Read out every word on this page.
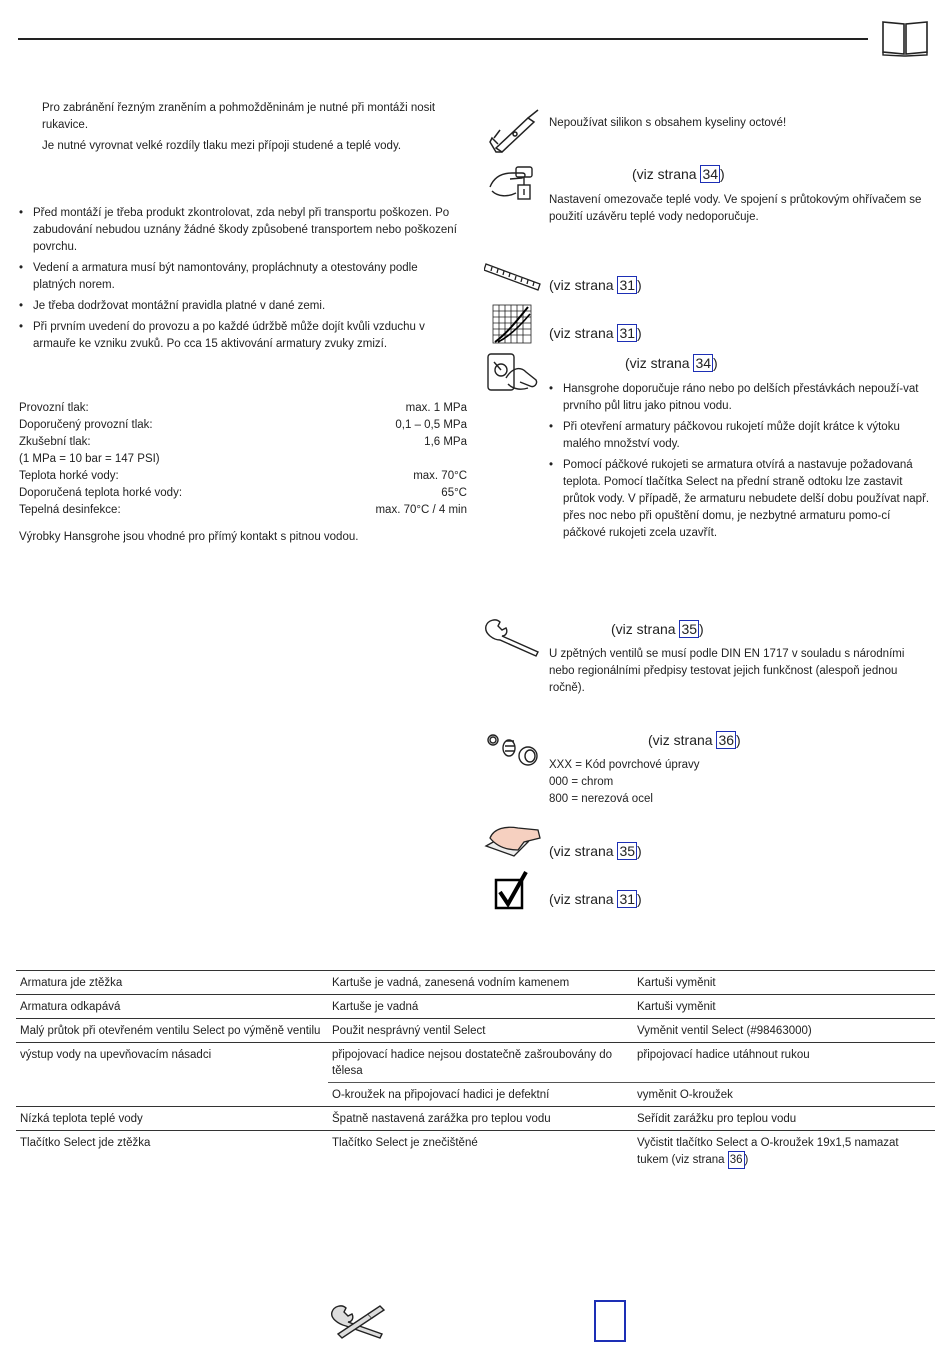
Pro zabránění řezným zraněním a pohmožděninám je nutné při montáži nosit rukavice.
Je nutné vyrovnat velké rozdíly tlaku mezi přípoji studené a teplé vody.
• Před montáží je třeba produkt zkontrolovat, zda nebyl při transportu poškozen. Po zabudování nebudou uznány žádné škody způsobené transportem nebo poškození povrchu.
• Vedení a armatura musí být namontovány, propláchnuty a otestovány podle platných norem.
• Je třeba dodržovat montážní pravidla platné v dané zemi.
• Při prvním uvedení do provozu a po každé údržbě může dojít kvůli vzduchu v armauře ke vzniku zvuků. Po cca 15 aktivování armatury zvuky zmizí.
Provozní tlak:	max. 1 MPa
Doporučený provozní tlak:	0,1 – 0,5 MPa
Zkušební tlak:	1,6 MPa
(1 MPa = 10 bar = 147 PSI)
Teplota horké vody:	max. 70°C
Doporučená teplota horké vody:	65°C
Tepelná desinfekce:	max. 70°C / 4 min
Výrobky Hansgrohe jsou vhodné pro přímý kontakt s pitnou vodou.
Nepoužívat silikon s obsahem kyseliny octové!
(viz strana 34 )
Nastavení omezovače teplé vody. Ve spojení s průtokovým ohřívačem se použití uzávěru teplé vody nedoporučuje.
(viz strana 31 )
(viz strana 31 )
(viz strana 34 )
• Hansgrohe doporučuje ráno nebo po delších přestávkách nepouží-vat prvního půl litru jako pitnou vodu.
• Při otevření armatury páčkovou rukojetí může dojít krátce k výtoku malého množství vody.
• Pomocí páčkové rukojeti se armatura otvírá a nastavuje požadovaná teplota. Pomocí tlačítka Select na přední straně odtoku lze zastavit průtok vody. V případě, že armaturu nebudete delší dobu používat např. přes noc nebo při opuštění domu, je nezbytné armaturu pomo-cí páčkové rukojeti zcela uzavřít.
(viz strana 35 )
U zpětných ventilů se musí podle DIN EN 1717 v souladu s národními nebo regionálními předpisy testovat jejich funkčnost (alespoň jednou ročně).
(viz strana 36 )
XXX = Kód povrchové úpravy
000 = chrom
800 = nerezová ocel
(viz strana 35 )
(viz strana 31 )
Armatura jde ztěžka	Kartuše je vadná, zanesená vodním kamenem	Kartuši vyměnit
Armatura odkapává	Kartuše je vadná	Kartuši vyměnit
Malý průtok při otevřeném ventilu Select po výměně ventilu	Použit nesprávný ventil Select	Vyměnit ventil Select (#98463000)
výstup vody na upevňovacím násadci	připojovací hadice nejsou dostatečně zašroubovány do tělesa	připojovací hadice utáhnout rukou
	O-kroužek na připojovací hadici je defektní	vyměnit O-kroužek
Nízká teplota teplé vody	Špatně nastavená zarážka pro teplou vodu	Seřídit zarážku pro teplou vodu
Tlačítko Select jde ztěžka	Tlačítko Select je znečištěné	Vyčistit tlačítko Select a O-kroužek 19x1,5 namazat tukem (viz strana 36 )
